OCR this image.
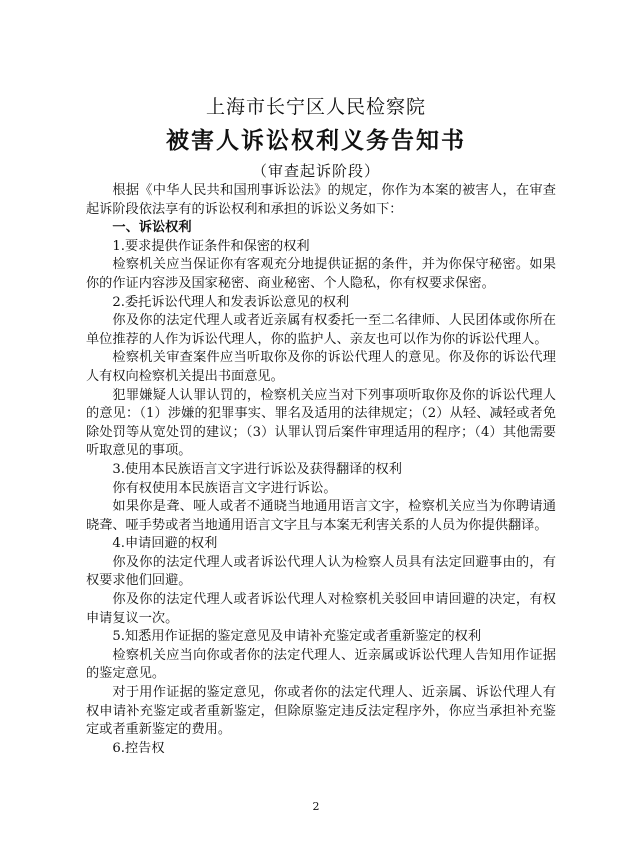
上海市长宁区人民检察院
被害人诉讼权利义务告知书
（审查起诉阶段）

根据《中华人民共和国刑事诉讼法》的规定，你作为本案的被害人，在审查起诉阶段依法享有的诉讼权利和承担的诉讼义务如下：

一、诉讼权利

1.要求提供作证条件和保密的权利

检察机关应当保证你有客观充分地提供证据的条件，并为你保守秘密。如果你的作证内容涉及国家秘密、商业秘密、个人隐私，你有权要求保密。

2.委托诉讼代理人和发表诉讼意见的权利

你及你的法定代理人或者近亲属有权委托一至二名律师、人民团体或你所在单位推荐的人作为诉讼代理人，你的监护人、亲友也可以作为你的诉讼代理人。

检察机关审查案件应当听取你及你的诉讼代理人的意见。你及你的诉讼代理人有权向检察机关提出书面意见。

犯罪嫌疑人认罪认罚的，检察机关应当对下列事项听取你及你的诉讼代理人的意见：（1）涉嫌的犯罪事实、罪名及适用的法律规定；（2）从轻、减轻或者免除处罚等从宽处罚的建议；（3）认罪认罚后案件审理适用的程序；（4）其他需要听取意见的事项。

3.使用本民族语言文字进行诉讼及获得翻译的权利

你有权使用本民族语言文字进行诉讼。

如果你是聋、哑人或者不通晓当地通用语言文字，检察机关应当为你聘请通晓聋、哑手势或者当地通用语言文字且与本案无利害关系的人员为你提供翻译。

4.申请回避的权利

你及你的法定代理人或者诉讼代理人认为检察人员具有法定回避事由的，有权要求他们回避。

你及你的法定代理人或者诉讼代理人对检察机关驳回申请回避的决定，有权申请复议一次。

5.知悉用作证据的鉴定意见及申请补充鉴定或者重新鉴定的权利

检察机关应当向你或者你的法定代理人、近亲属或诉讼代理人告知用作证据的鉴定意见。

对于用作证据的鉴定意见，你或者你的法定代理人、近亲属、诉讼代理人有权申请补充鉴定或者重新鉴定，但除原鉴定违反法定程序外，你应当承担补充鉴定或者重新鉴定的费用。

6.控告权

2
